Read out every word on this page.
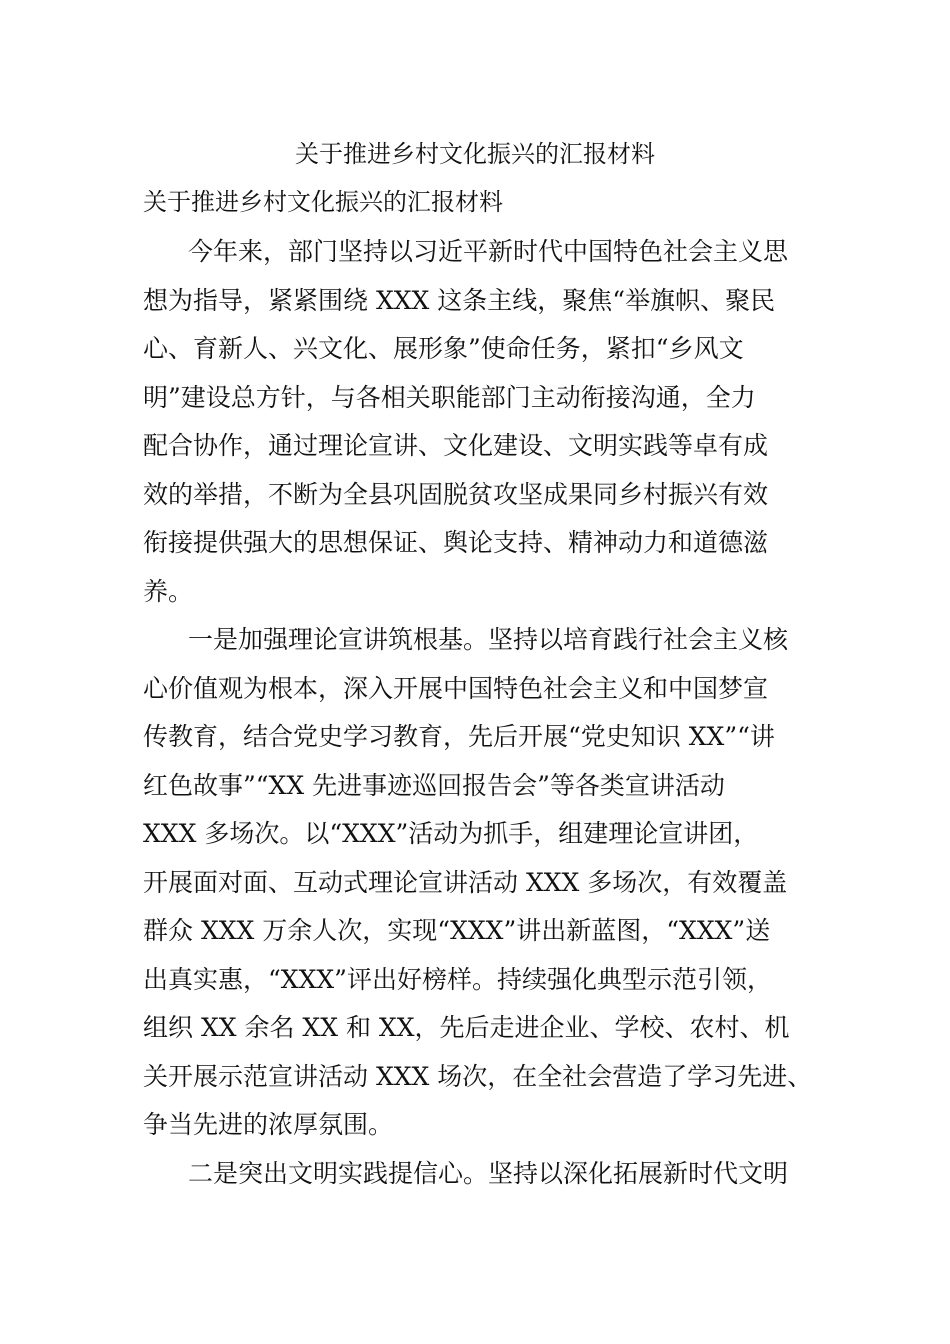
关于推进乡村文化振兴的汇报材料
关于推进乡村文化振兴的汇报材料
今年来，部门坚持以习近平新时代中国特色社会主义思
想为指导，紧紧围绕 XXX 这条主线，聚焦“举旗帜、聚民
心、育新人、兴文化、展形象”使命任务，紧扣“乡风文
明”建设总方针，与各相关职能部门主动衔接沟通，全力
配合协作，通过理论宣讲、文化建设、文明实践等卓有成
效的举措，不断为全县巩固脱贫攻坚成果同乡村振兴有效
衔接提供强大的思想保证、舆论支持、精神动力和道德滋
养。
一是加强理论宣讲筑根基。坚持以培育践行社会主义核
心价值观为根本，深入开展中国特色社会主义和中国梦宣
传教育，结合党史学习教育，先后开展“党史知识 XX”“讲
红色故事”“XX 先进事迹巡回报告会”等各类宣讲活动
XXX 多场次。以“XXX”活动为抓手，组建理论宣讲团，
开展面对面、互动式理论宣讲活动 XXX 多场次，有效覆盖
群众 XXX 万余人次，实现“XXX”讲出新蓝图，“XXX”送
出真实惠，“XXX”评出好榜样。持续强化典型示范引领，
组织 XX 余名 XX 和 XX，先后走进企业、学校、农村、机
关开展示范宣讲活动 XXX 场次，在全社会营造了学习先进、
争当先进的浓厚氛围。
二是突出文明实践提信心。坚持以深化拓展新时代文明
